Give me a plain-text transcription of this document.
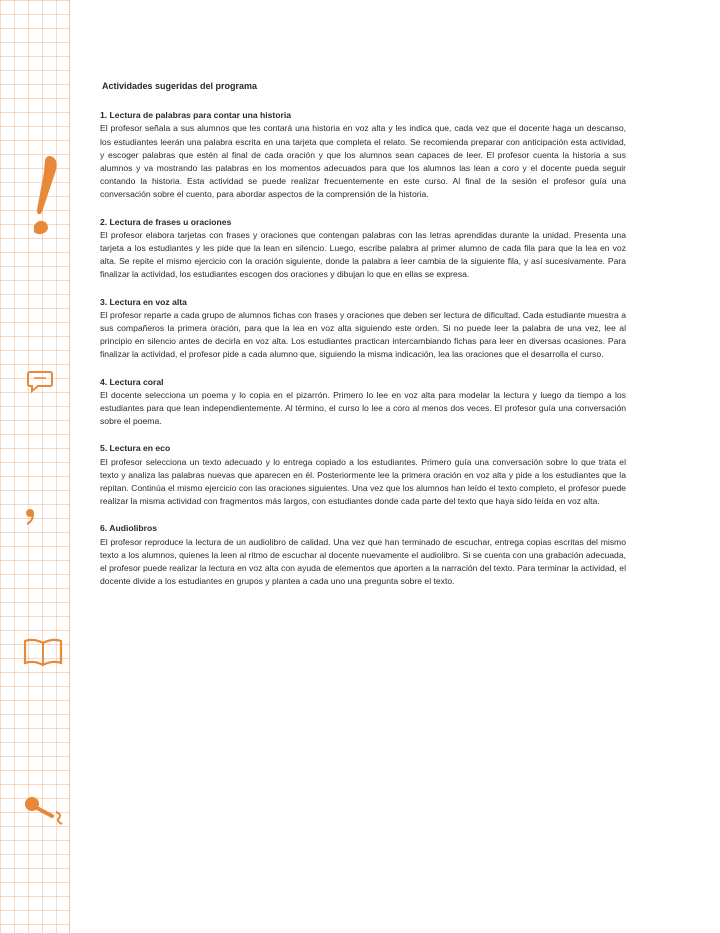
Actividades sugeridas del programa

1. Lectura de palabras para contar una historia

El profesor señala a sus alumnos que les contará una historia en voz alta y les indica que, cada vez que el docente haga un descanso, los estudiantes leerán una palabra escrita en una tarjeta que completa el relato. Se recomienda preparar con anticipación esta actividad, y escoger palabras que estén al final de cada oración y que los alumnos sean capaces de leer. El profesor cuenta la historia a sus alumnos y va mostrando las palabras en los momentos adecuados para que los alumnos las lean a coro y el docente pueda seguir contando la historia. Esta actividad se puede realizar frecuentemente en este curso. Al final de la sesión el profesor guía una conversación sobre el cuento, para abordar aspectos de la comprensión de la historia.

2. Lectura de frases u oraciones

El profesor elabora tarjetas con frases y oraciones que contengan palabras con las letras aprendidas durante la unidad. Presenta una tarjeta a los estudiantes y les pide que la lean en silencio. Luego, escribe palabra al primer alumno de cada fila para que la lea en voz alta. Se repite el mismo ejercicio con la oración siguiente, donde la palabra a leer cambia de la siguiente fila, y así sucesivamente. Para finalizar la actividad, los estudiantes escogen dos oraciones y dibujan lo que en ellas se expresa.

3. Lectura en voz alta

El profesor reparte a cada grupo de alumnos fichas con frases y oraciones que deben ser lectura de dificultad. Cada estudiante muestra a sus compañeros la primera oración, para que la lea en voz alta siguiendo este orden. Si no puede leer la palabra de una vez, lee al principio en silencio antes de decirla en voz alta. Los estudiantes practican intercambiando fichas para leer en diversas ocasiones. Para finalizar la actividad, el profesor pide a cada alumno que, siguiendo la misma indicación, lea las oraciones que el desarrolla el curso.

4. Lectura coral

El docente selecciona un poema y lo copia en el pizarrón. Primero lo lee en voz alta para modelar la lectura y luego da tiempo a los estudiantes para que lean independientemente. Al término, el curso lo lee a coro al menos dos veces. El profesor guía una conversación sobre el poema.

5. Lectura en eco

El profesor selecciona un texto adecuado y lo entrega copiado a los estudiantes. Primero guía una conversación sobre lo que trata el texto y analiza las palabras nuevas que aparecen en él. Posteriormente lee la primera oración en voz alta y pide a los estudiantes que la repitan. Continúa el mismo ejercicio con las oraciones siguientes. Una vez que los alumnos han leído el texto completo, el profesor puede realizar la misma actividad con fragmentos más largos, con estudiantes donde cada parte del texto que haya sido leída en voz alta.

6. Audiolibros

El profesor reproduce la lectura de un audiolibro de calidad. Una vez que han terminado de escuchar, entrega copias escritas del mismo texto a los alumnos, quienes la leen al ritmo de escuchar al docente nuevamente el audiolibro. Si se cuenta con una grabación adecuada, el profesor puede realizar la lectura en voz alta con ayuda de elementos que aporten a la narración del texto. Para terminar la actividad, el docente divide a los estudiantes en grupos y plantea a cada uno una pregunta sobre el texto.
